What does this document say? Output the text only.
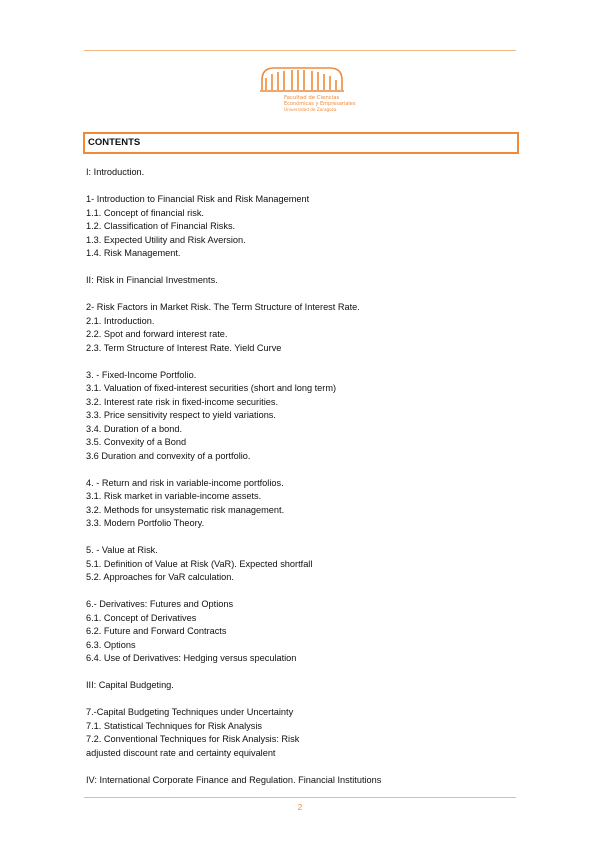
Facultad de Ciencias
Económicas y Empresariales
Universidad de Zaragoza
CONTENTS
I: Introduction.
1- Introduction to Financial Risk and Risk Management
1.1. Concept of financial risk.
1.2. Classification of Financial Risks.
1.3. Expected Utility and Risk Aversion.
1.4. Risk Management.
II: Risk in Financial Investments.
2- Risk Factors in Market Risk. The Term Structure of Interest Rate.
2.1. Introduction.
2.2. Spot and forward interest rate.
2.3. Term Structure of Interest Rate. Yield Curve
3. - Fixed-Income Portfolio.
3.1. Valuation of fixed-interest securities (short and long term)
3.2. Interest rate risk in fixed-income securities.
3.3. Price sensitivity respect to yield variations.
3.4. Duration of a bond.
3.5. Convexity of a Bond
3.6 Duration and convexity of a portfolio.
4. - Return and risk in variable-income portfolios.
3.1. Risk market in variable-income assets.
3.2. Methods for unsystematic risk management.
3.3. Modern Portfolio Theory.
5. - Value at Risk.
5.1. Definition of Value at Risk (VaR). Expected shortfall
5.2. Approaches for VaR calculation.
6.- Derivatives: Futures and Options
6.1. Concept of Derivatives
6.2. Future and Forward Contracts
6.3. Options
6.4. Use of Derivatives: Hedging versus speculation
III: Capital Budgeting.
7.-Capital Budgeting Techniques under Uncertainty
7.1. Statistical Techniques for Risk Analysis
7.2. Conventional Techniques for Risk Analysis: Risk
adjusted discount rate and certainty equivalent
IV: International Corporate Finance and Regulation. Financial Institutions
2
